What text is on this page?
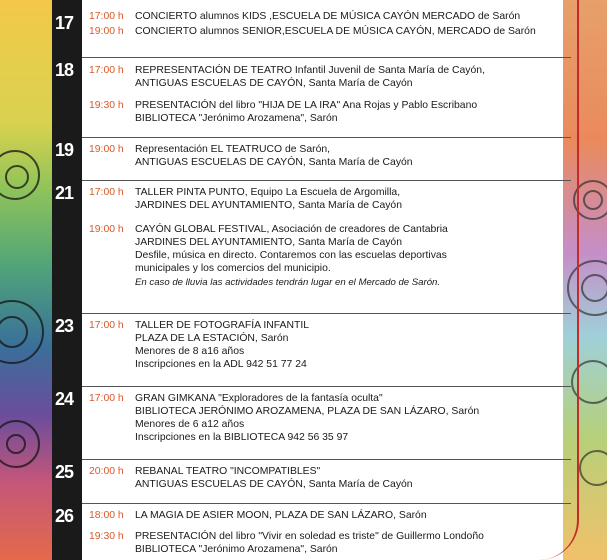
17	17:00 h	CONCIERTO alumnos KIDS ,ESCUELA DE MÚSICA CAYÓN MERCADO de Sarón
19:00 h	CONCIERTO alumnos SENIOR,ESCUELA DE MÚSICA CAYÓN, MERCADO de Sarón
18	17:00 h	REPRESENTACIÓN DE TEATRO Infantil Juvenil de Santa María de Cayón,
ANTIGUAS ESCUELAS DE CAYÓN, Santa María de Cayón
19:30 h	PRESENTACIÓN del libro "HIJA DE LA IRA" Ana Rojas y Pablo Escribano
BIBLIOTECA "Jerónimo Arozamena", Sarón
19	19:00 h	Representación EL TEATRUCO de Sarón,
ANTIGUAS ESCUELAS DE CAYÓN, Santa María de Cayón
21	17:00 h	TALLER PINTA PUNTO, Equipo La Escuela de Argomilla,
JARDINES DEL AYUNTAMIENTO, Santa María de Cayón
19:00 h	CAYÓN GLOBAL FESTIVAL, Asociación de creadores de Cantabria
JARDINES DEL AYUNTAMIENTO, Santa María de Cayón
Desfile, música en directo. Contaremos con las escuelas deportivas
municipales y los comercios del municipio.
En caso de lluvia las actividades tendrán lugar en el Mercado de Sarón.
23	17:00 h	TALLER DE FOTOGRAFÍA INFANTIL
PLAZA DE LA ESTACIÓN, Sarón
Menores de 8 a16 años
Inscripciones en la ADL 942 51 77 24
24	17:00 h	GRAN GIMKANA "Exploradores de la fantasía oculta"
BIBLIOTECA JERÓNIMO AROZAMENA, PLAZA DE SAN LÁZARO, Sarón
Menores de 6 a12 años
Inscripciones en la BIBLIOTECA 942 56 35 97
25	20:00 h	REBANAL TEATRO "INCOMPATIBLES"
ANTIGUAS ESCUELAS DE CAYÓN, Santa María de Cayón
26	18:00 h	LA MAGIA DE ASIER MOON, PLAZA DE SAN LÁZARO, Sarón
19:30 h	PRESENTACIÓN del libro "Vivir en soledad es triste" de Guillermo Londoño
BIBLIOTECA "Jerónimo Arozamena", Sarón
